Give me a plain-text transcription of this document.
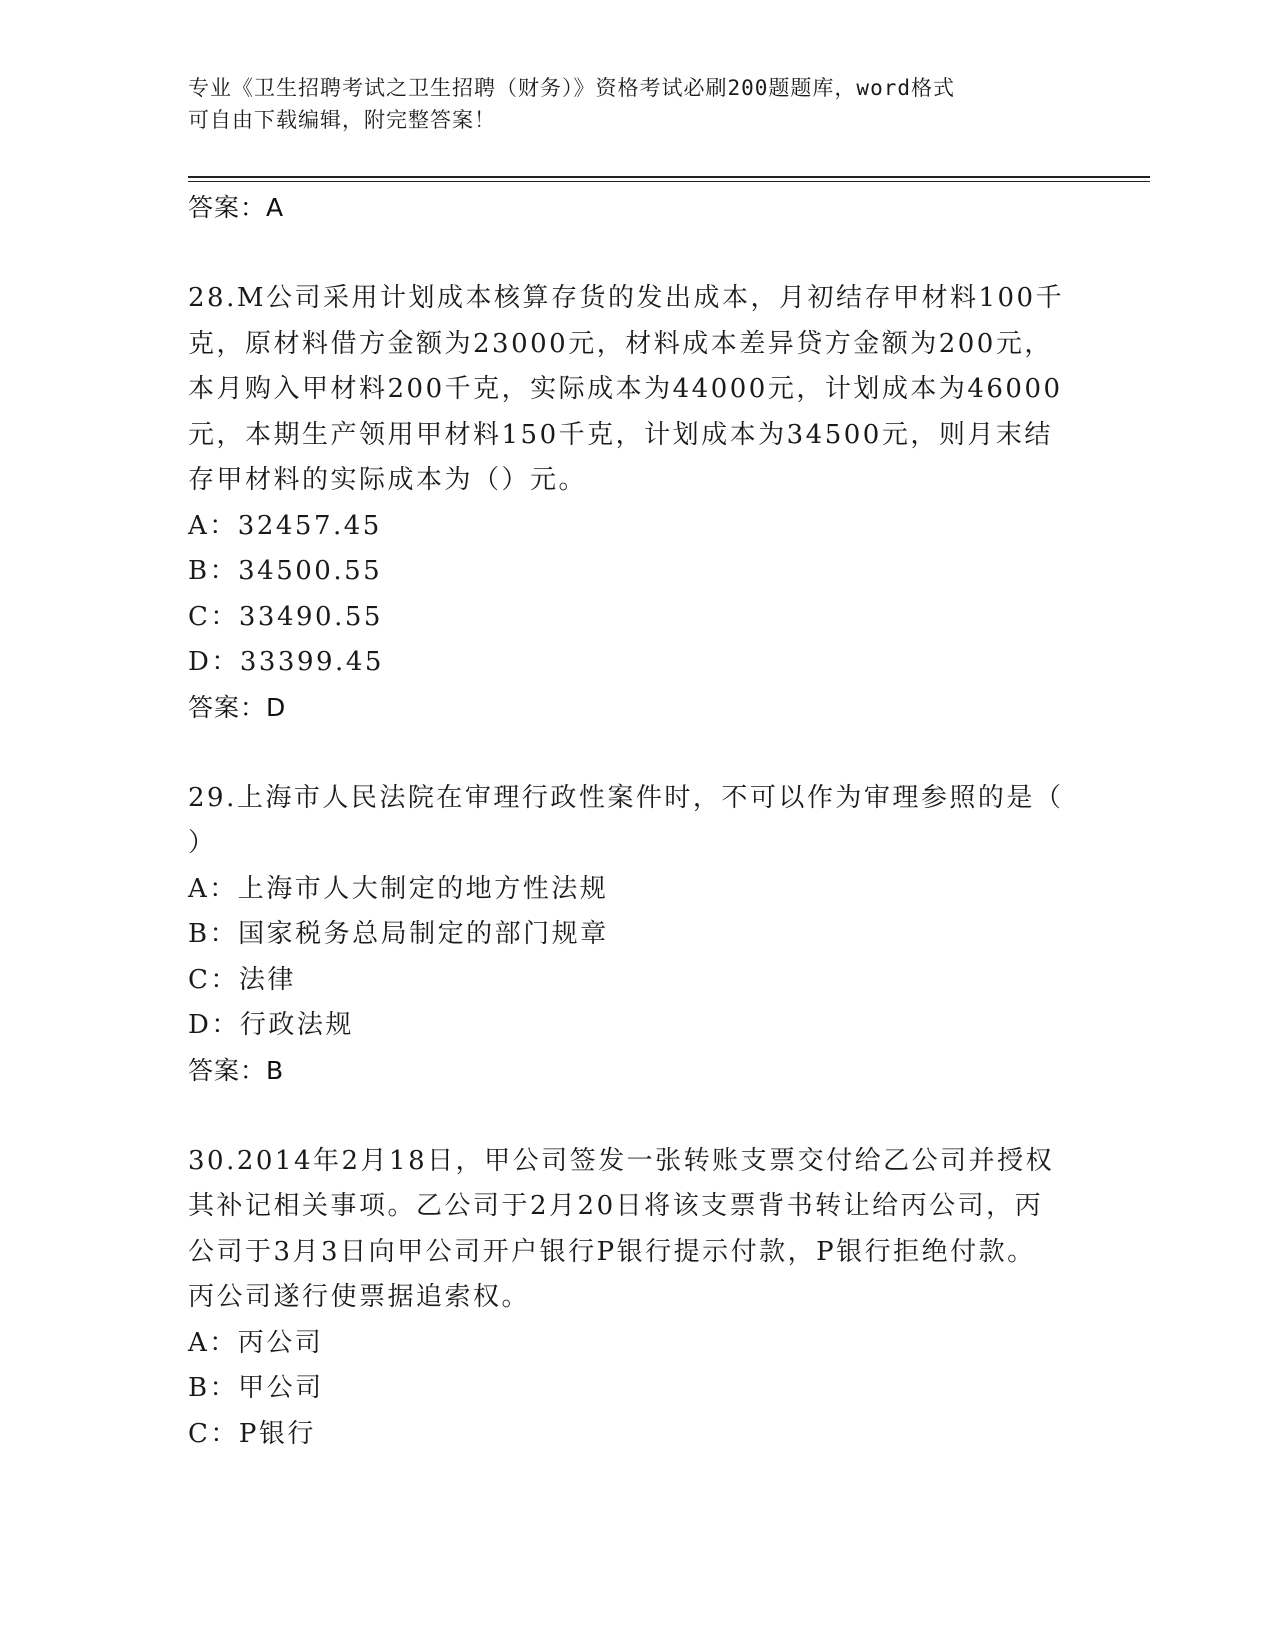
专业《卫生招聘考试之卫生招聘（财务）》资格考试必刷200题题库，word格式
可自由下载编辑，附完整答案！
答案：A
28.M公司采用计划成本核算存货的发出成本，月初结存甲材料100千
克，原材料借方金额为23000元，材料成本差异贷方金额为200元，
本月购入甲材料200千克，实际成本为44000元，计划成本为46000
元，本期生产领用甲材料150千克，计划成本为34500元，则月末结
存甲材料的实际成本为（）元。
A：32457.45
B：34500.55
C：33490.55
D：33399.45
答案：D
29.上海市人民法院在审理行政性案件时，不可以作为审理参照的是（
）
A：上海市人大制定的地方性法规
B：国家税务总局制定的部门规章
C：法律
D：行政法规
答案：B
30.2014年2月18日，甲公司签发一张转账支票交付给乙公司并授权
其补记相关事项。乙公司于2月20日将该支票背书转让给丙公司，丙
公司于3月3日向甲公司开户银行P银行提示付款，P银行拒绝付款。
丙公司遂行使票据追索权。
A：丙公司
B：甲公司
C：P银行
